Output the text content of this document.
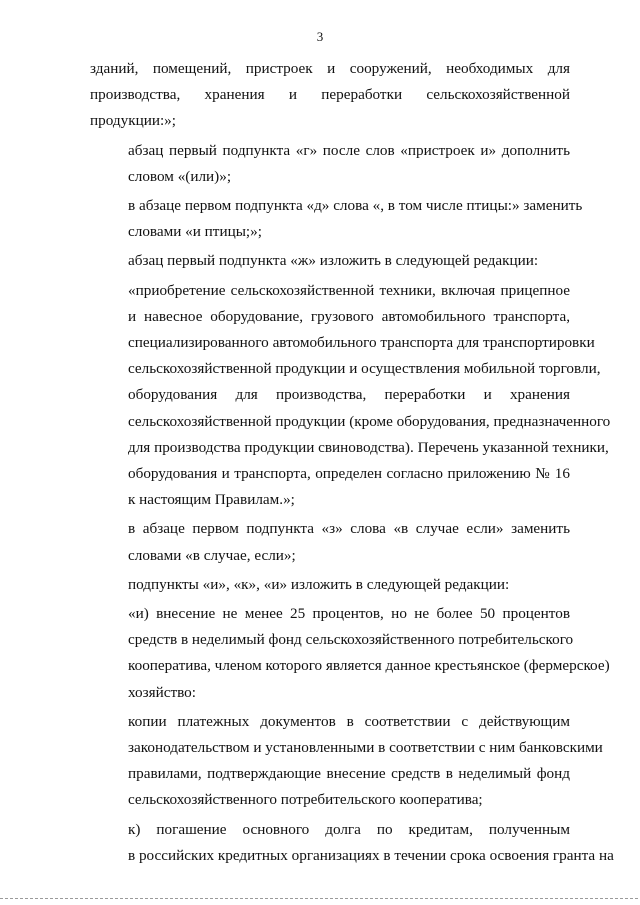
3

зданий, помещений, пристроек и сооружений, необходимых для
производства, хранения и переработки сельскохозяйственной
продукции:»;

абзац первый подпункта «г» после слов «пристроек и» дополнить
словом «(или)»;

в абзаце первом подпункта «д» слова «, в том числе птицы:» заменить
словами «и птицы;»;

абзац первый подпункта «ж» изложить в следующей редакции:

«приобретение сельскохозяйственной техники, включая прицепное
и навесное оборудование, грузового автомобильного транспорта,
специализированного автомобильного транспорта для транспортировки
сельскохозяйственной продукции и осуществления мобильной торговли,
оборудования для производства, переработки и хранения
сельскохозяйственной продукции (кроме оборудования, предназначенного
для производства продукции свиноводства). Перечень указанной техники,
оборудования и транспорта, определен согласно приложению № 16
к настоящим Правилам.»;

в абзаце первом подпункта «з» слова «в случае если» заменить
словами «в случае, если»;

подпункты «и», «к», «и» изложить в следующей редакции:

«и) внесение не менее 25 процентов, но не более 50 процентов
средств в неделимый фонд сельскохозяйственного потребительского
кооператива, членом которого является данное крестьянское (фермерское)
хозяйство:

копии платежных документов в соответствии с действующим
законодательством и установленными в соответствии с ним банковскими
правилами, подтверждающие внесение средств в неделимый фонд
сельскохозяйственного потребительского кооператива;

к) погашение основного долга по кредитам, полученным
в российских кредитных организациях в течении срока освоения гранта на
